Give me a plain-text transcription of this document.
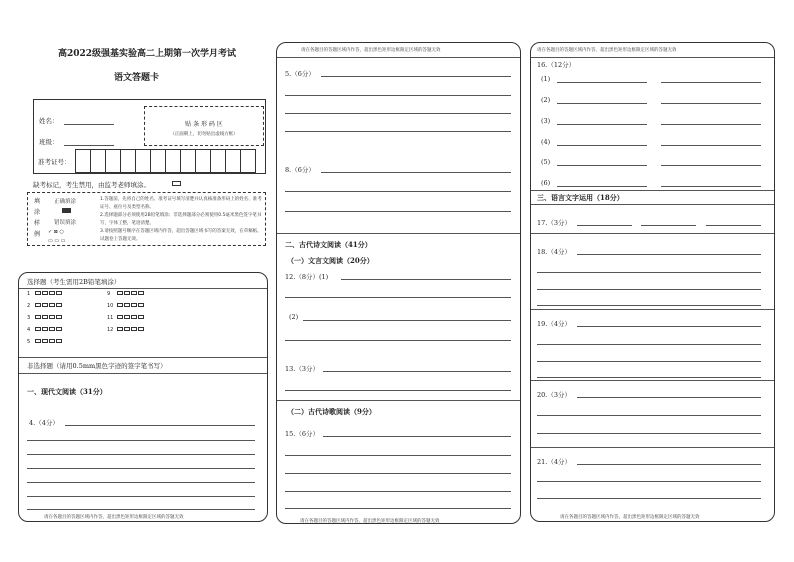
高2022级强基实验高二上期第一次学月考试
语文答题卡
姓名：
班级：
准考证号：
贴 条 形 码 区
（正面朝上，切勿贴出虚线方框）
缺考标记，考生禁用，由监考老师填涂。
填
涂
样
例
正确填涂
错误填涂
✓ ⊠ ○
▭ ▭ ▭
1.答题前，先将自己的姓名、准考证号填写清楚并认真核准条形码上的姓名、准考证号、座位号及类型名称。
2.选择题部分必须使用2B铅笔填涂；非选择题部分必须使用0.5毫米黑色签字笔书写，字体工整，笔迹清楚。
3.请按照题号顺序在答题区域内作答，超出答题区域书写的答案无效，在草稿纸、试题卷上答题无效。
选择题（考生需用2B铅笔填涂）
1
2
3
4
5
9
10
11
12
非选择题（请用0.5mm黑色字迹的签字笔书写）
一、现代文阅读（31分）
4.（4分）
请在各题目的答题区域内作答，超出黑色矩形边框限定区域的答题无效
请在各题目的答题区域内作答，超出黑色矩形边框限定区域的答题无效
5.（6分）
8.（6分）
二、古代诗文阅读（41分）
（一）文言文阅读（20分）
12.（8分）(1)
(2)
13.（3分）
（二）古代诗歌阅读（9分）
15.（6分）
请在各题目的答题区域内作答，超出黑色矩形边框限定区域的答题无效
请在各题目的答题区域内作答，超出黑色矩形边框限定区域的答题无效
16.（12分）
(1)
(2)
(3)
(4)
(5)
(6)
三、语言文字运用（18分）
17.（3分）
18.（4分）
19.（4分）
20.（3分）
21.（4分）
请在各题目的答题区域内作答，超出黑色矩形边框限定区域的答题无效
